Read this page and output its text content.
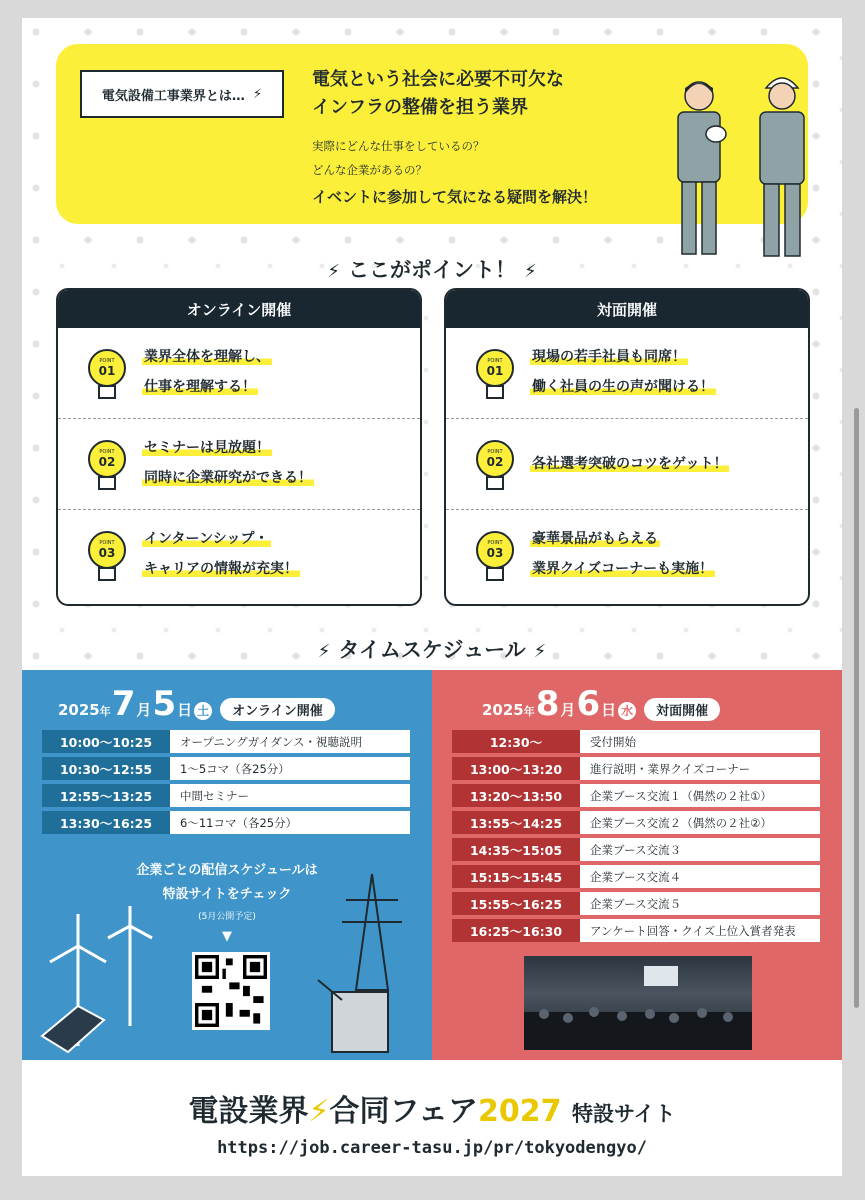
電気設備工事業界とは… ⚡
電気という社会に必要不可欠な
インフラの整備を担う業界
実際にどんな仕事をしているの？
どんな企業があるの？
イベントに参加して気になる疑問を解決！
⚡ ここがポイント！ ⚡
オンライン開催
POINT
01
業界全体を理解し、
仕事を理解する！
POINT
02
セミナーは見放題！
同時に企業研究ができる！
POINT
03
インターンシップ・
キャリアの情報が充実！
対面開催
POINT
01
現場の若手社員も同席！
働く社員の生の声が聞ける！
POINT
02 各社選考突破のコツをゲット！
POINT
03
豪華景品がもらえる
業界クイズコーナーも実施！
⚡ タイムスケジュール ⚡
2025 年 7 月 5 日 土	オンライン開催
10:00〜10:25	オープニングガイダンス・視聴説明
10:30〜12:55	1〜5コマ（各25分）
12:55〜13:25	中間セミナー
13:30〜16:25	6〜11コマ（各25分）
企業ごとの配信スケジュールは
特設サイトをチェック
(5月公開予定)
▼
2025 年 8 月 6 日 水	対面開催
12:30〜	受付開始
13:00〜13:20	進行説明・業界クイズコーナー
13:20〜13:50	企業ブース交流１（偶然の２社①）
13:55〜14:25	企業ブース交流２（偶然の２社②）
14:35〜15:05	企業ブース交流３
15:15〜15:45	企業ブース交流４
15:55〜16:25	企業ブース交流５
16:25〜16:30	アンケート回答・クイズ上位入賞者発表
電設業界⚡合同フェア2027 特設サイト
https://job.career-tasu.jp/pr/tokyodengyo/
